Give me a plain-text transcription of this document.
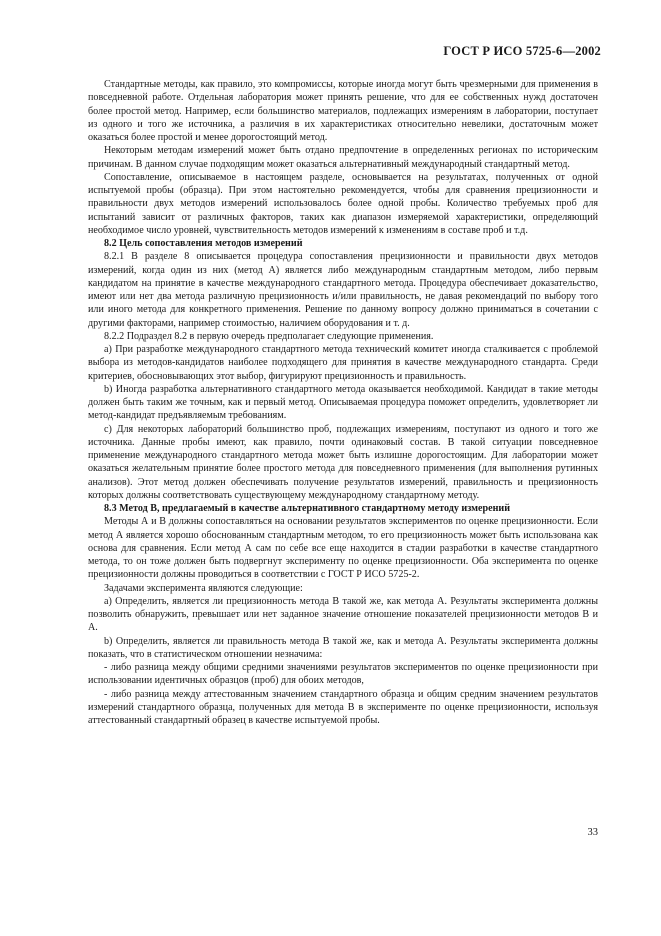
ГОСТ Р ИСО 5725-6—2002

Стандартные методы, как правило, это компромиссы, которые иногда могут быть чрезмерными для применения в повседневной работе. Отдельная лаборатория может принять решение, что для ее собственных нужд достаточен более простой метод. Например, если большинство материалов, подлежащих измерениям в лаборатории, поступает из одного и того же источника, а различия в их характеристиках относительно невелики, достаточным может оказаться более простой и менее дорогостоящий метод.

Некоторым методам измерений может быть отдано предпочтение в определенных регионах по историческим причинам. В данном случае подходящим может оказаться альтернативный международный стандартный метод.

Сопоставление, описываемое в настоящем разделе, основывается на результатах, полученных от одной испытуемой пробы (образца). При этом настоятельно рекомендуется, чтобы для сравнения прецизионности и правильности двух методов измерений использовалось более одной пробы. Количество требуемых проб для испытаний зависит от различных факторов, таких как диапазон измеряемой характеристики, определяющий необходимое число уровней, чувствительность методов измерений к изменениям в составе проб и т.д.

8.2 Цель сопоставления методов измерений

8.2.1 В разделе 8 описывается процедура сопоставления прецизионности и правильности двух методов измерений, когда один из них (метод А) является либо международным стандартным методом, либо первым кандидатом на принятие в качестве международного стандартного метода. Процедура обеспечивает доказательство, имеют или нет два метода различную прецизионность и/или правильность, не давая рекомендаций по выбору того или иного метода для конкретного применения. Решение по данному вопросу должно приниматься в сочетании с другими факторами, например стоимостью, наличием оборудования и т. д.

8.2.2 Подраздел 8.2 в первую очередь предполагает следующие применения.

а) При разработке международного стандартного метода технический комитет иногда сталкивается с проблемой выбора из методов-кандидатов наиболее подходящего для принятия в качестве международного стандарта. Среди критериев, обосновывающих этот выбор, фигурируют прецизионность и правильность.

b) Иногда разработка альтернативного стандартного метода оказывается необходимой. Кандидат в такие методы должен быть таким же точным, как и первый метод. Описываемая процедура поможет определить, удовлетворяет ли метод-кандидат предъявляемым требованиям.

с) Для некоторых лабораторий большинство проб, подлежащих измерениям, поступают из одного и того же источника. Данные пробы имеют, как правило, почти одинаковый состав. В такой ситуации повседневное применение международного стандартного метода может быть излишне дорогостоящим. Для лаборатории может оказаться желательным принятие более простого метода для повседневного применения (для выполнения рутинных анализов). Этот метод должен обеспечивать получение результатов измерений, правильность и прецизионность которых должны соответствовать существующему международному стандартному методу.

8.3 Метод В, предлагаемый в качестве альтернативного стандартному методу измерений

Методы А и В должны сопоставляться на основании результатов экспериментов по оценке прецизионности. Если метод А является хорошо обоснованным стандартным методом, то его прецизионность может быть использована как основа для сравнения. Если метод А сам по себе все еще находится в стадии разработки в качестве стандартного метода, то он тоже должен быть подвергнут эксперименту по оценке прецизионности. Оба эксперимента по оценке прецизионности должны проводиться в соответствии с ГОСТ Р ИСО 5725-2.

Задачами эксперимента являются следующие:

а) Определить, является ли прецизионность метода В такой же, как метода А. Результаты эксперимента должны позволить обнаружить, превышает или нет заданное значение отношение показателей прецизионности методов В и А.

b) Определить, является ли правильность метода В такой же, как и метода А. Результаты эксперимента должны показать, что в статистическом отношении незначима:

- либо разница между общими средними значениями результатов экспериментов по оценке прецизионности при использовании идентичных образцов (проб) для обоих методов,

- либо разница между аттестованным значением стандартного образца и общим средним значением результатов измерений стандартного образца, полученных для метода В в эксперименте по оценке прецизионности, используя аттестованный стандартный образец в качестве испытуемой пробы.

33
